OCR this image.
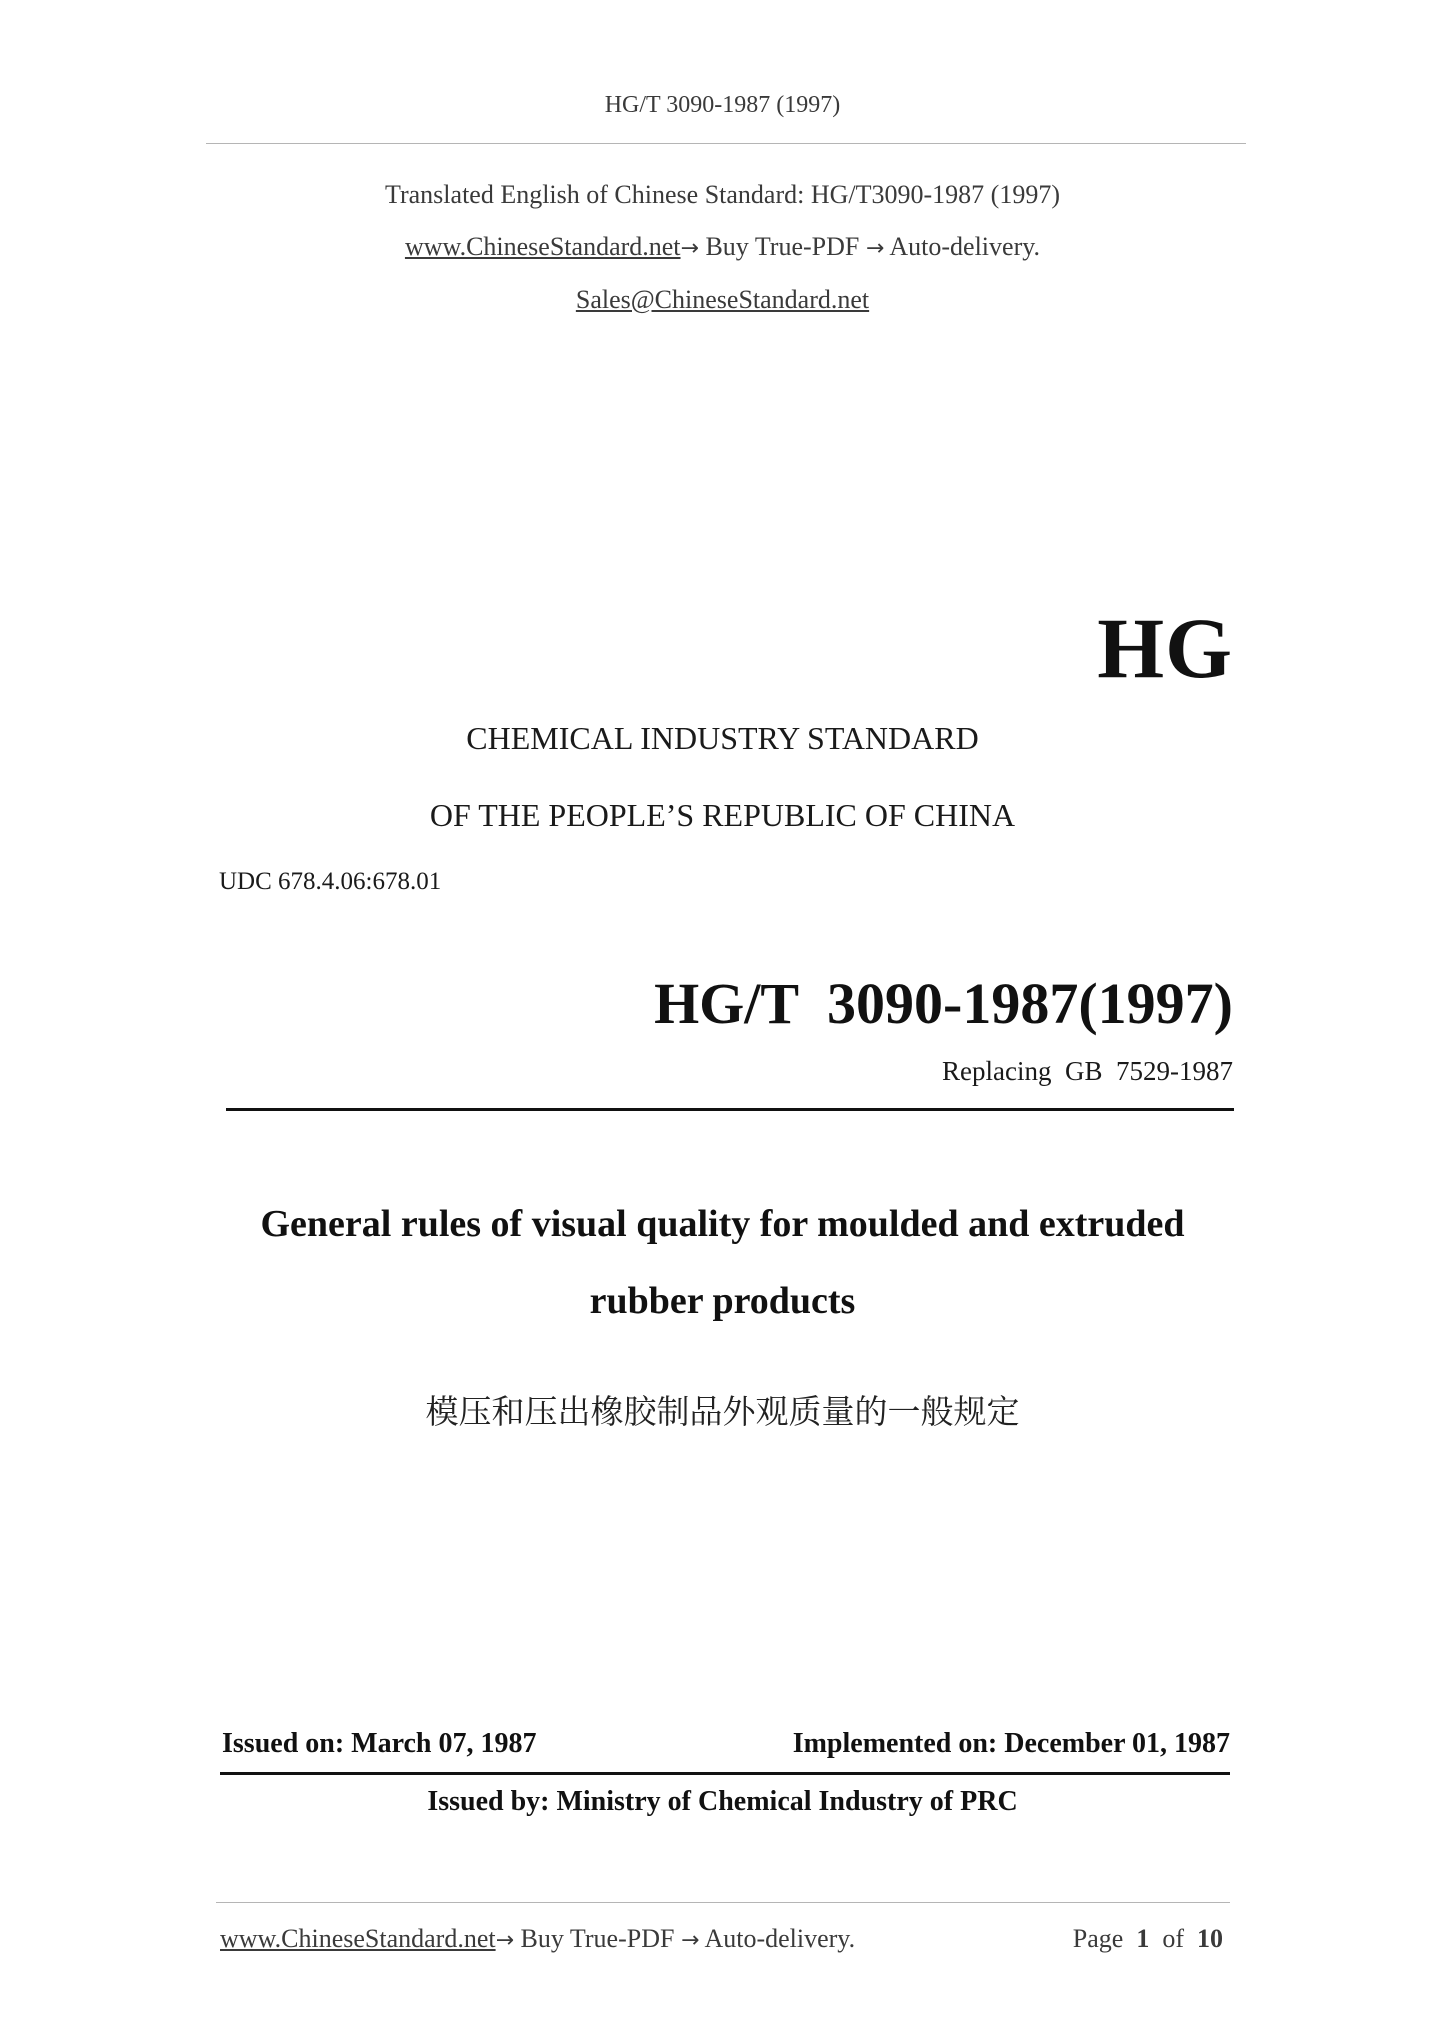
HG/T 3090-1987 (1997)
Translated English of Chinese Standard: HG/T3090-1987 (1997)
www.ChineseStandard.net→ Buy True-PDF → Auto-delivery.
Sales@ChineseStandard.net
HG
CHEMICAL INDUSTRY STANDARD
OF THE PEOPLE’S REPUBLIC OF CHINA
UDC 678.4.06:678.01
HG/T  3090-1987(1997)
Replacing  GB  7529-1987
General rules of visual quality for moulded and extruded
rubber products
模压和压出橡胶制品外观质量的一般规定
Issued on: March 07, 1987	Implemented on: December 01, 1987
Issued by: Ministry of Chemical Industry of PRC
www.ChineseStandard.net→ Buy True-PDF → Auto-delivery.	Page 1 of 10
